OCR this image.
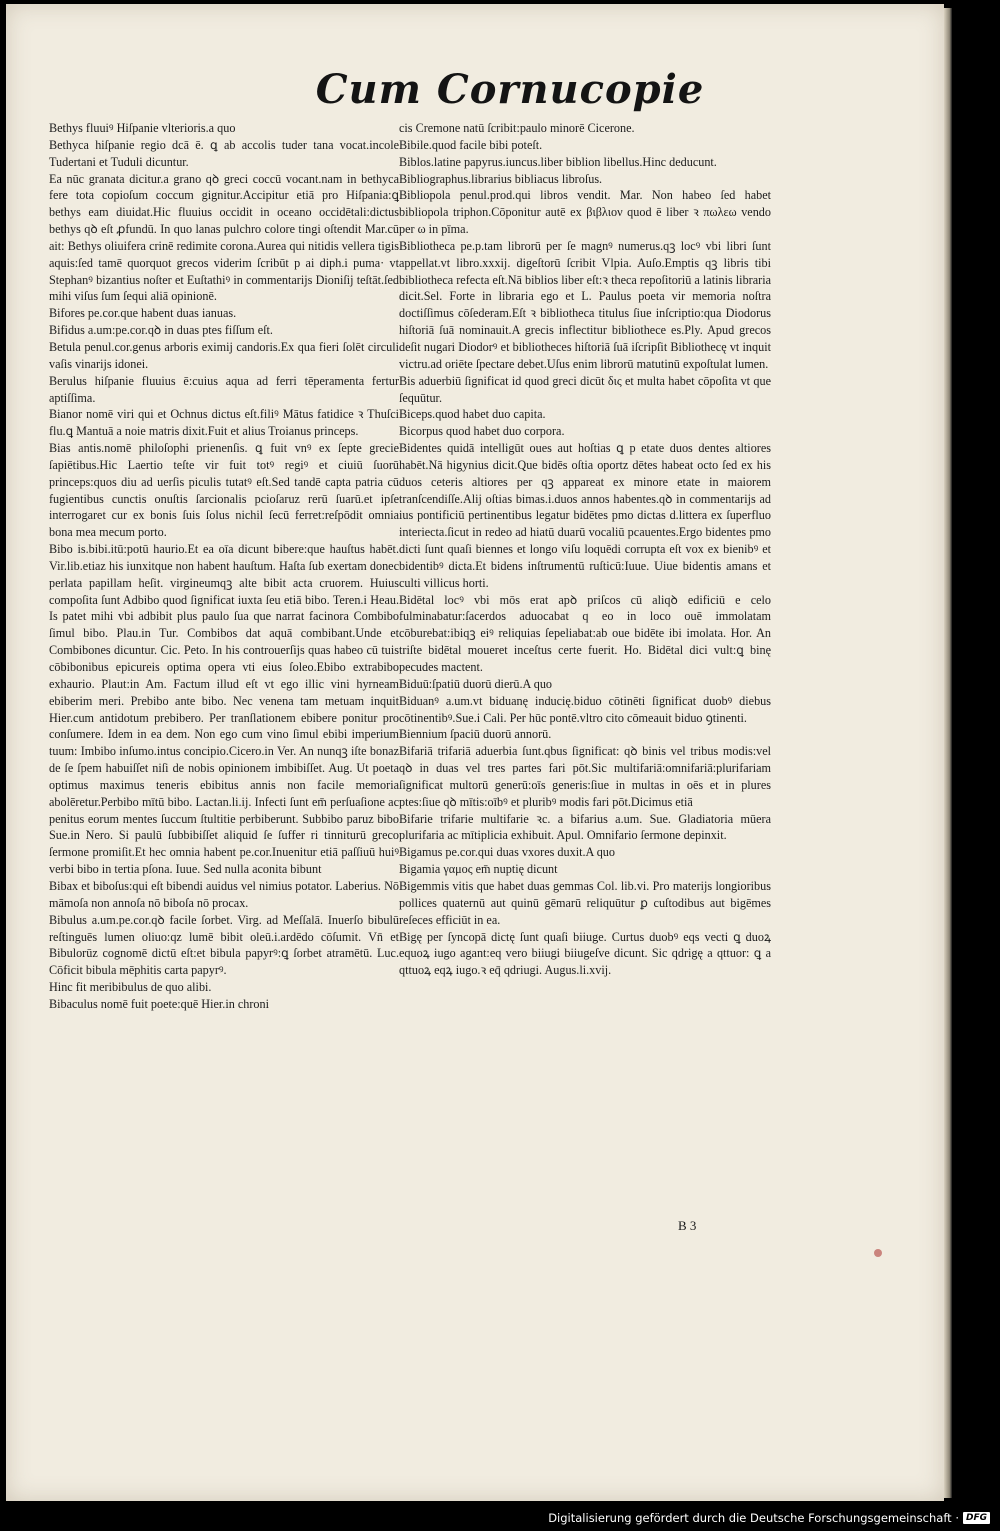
Cum Cornucopie

Bethys fluuiꝰ Hiſpanie vlterioris.a quo

Bethyca hiſpanie regio dcā ē. ꝗ ab accolis tuder tana vocat.incole Tudertani et Tuduli dicuntur.

Ea nūc granata dicitur.a grano qꝺ greci coccū vocant.nam in bethyca fere tota copioſum coccum gignitur.Accipitur etiā pro Hiſpania:ꝗ bethys eam diuidat.Hic fluuius occidit in oceano occidētali:dictus bethys qꝺ eſt ꝓfundū. In quo lanas pulchro colore tingi oſtendit Mar.cū ait: Bethys oliuifera crinē redimite corona.Aurea qui nitidis vellera tigis aquis:ſed tamē quorquot grecos viderim ſcribūt p ai diph.i puma· vt Stephanꝰ bizantius noſter et Euſtathiꝰ in commentarijs Dioniſij teſtāt.ſed mihi viſus ſum ſequi aliā opinionē.

Bifores pe.cor.que habent duas ianuas.

Bifidus a.um:pe.cor.qꝺ in duas ptes fiſſum eſt.

Betula penul.cor.genus arboris eximij candoris.Ex qua fieri ſolēt circuli vaſis vinarijs idonei.

Berulus hiſpanie fluuius ē:cuius aqua ad ferri tēperamenta fertur aptiſſima.

Bianor nomē viri qui et Ochnus dictus eſt.filiꝰ Mātus fatidice ꝛ Thuſci flu.ꝗ Mantuā a noie matris dixit.Fuit et alius Troianus princeps.

Bias antis.nomē philoſophi prienenſis. ꝗ fuit vnꝰ ex ſepte grecie ſapiētibus.Hic Laertio teſte vir fuit totꝰ regiꝰ et ciuiū ſuorū princeps:quos diu ad uerſis piculis tutatꝰ eſt.Sed tandē capta patria cū fugientibus cunctis onuſtis ſarcionalis pcioſaruz rerū ſuarū.et ipſe interrogaret cur ex bonis ſuis ſolus nichil ſecū ferret:reſpōdit omnia bona mea mecum porto.

Bibo is.bibi.itū:potū haurio.Et ea oīa dicunt bibere:que hauſtus habēt. Vir.lib.etiaz his iunxitque non habent hauſtum. Haſta ſub exertam donec perlata papillam heſit. virgineumqꝫ alte bibit acta cruorem. Huius compoſita ſunt Adbibo quod ſignificat iuxta ſeu etiā bibo. Teren.i Heau. Is patet mihi vbi adbibit plus paulo ſua que narrat facinora Combibo ſimul bibo. Plau.in Tur. Combibos dat aquā combibant.Unde et Combibones dicuntur. Cic. Peto. In his controuerſijs quas habeo cū tuis cōbibonibus epicureis optima opera vti eius ſoleo.Ebibo extrabibo exhaurio. Plaut:in Am. Factum illud eſt vt ego illic vini hyrneam ebiberim meri. Prebibo ante bibo. Nec venena tam metuam inquit Hier.cum antidotum prebibero. Per tranſlationem ebibere ponitur pro conſumere. Idem in ea dem. Non ego cum vino ſimul ebibi imperium tuum: Imbibo inſumo.intus concipio.Cicero.in Ver. An nunqꝫ iſte bonaz de ſe ſpem habuiſſet niſi de nobis opinionem imbibiſſet. Aug. Ut poeta optimus maximus teneris ebibitus annis non facile memoria abolēretur.Perbibo mītū bibo. Lactan.li.ij. Infecti ſunt em̄ perſuaſione ac penitus eorum mentes ſuccum ſtultitie perbiberunt. Subbibo paruz bibo Sue.in Nero. Si paulū ſubbibiſſet aliquid ſe ſuffer ri tinniturū greco ſermone promiſit.Et hec omnia habent pe.cor.Inuenitur etiā paſſiuū huiꝰ verbi bibo in tertia pſona. Iuue. Sed nulla aconita bibunt

Bibax et biboſus:qui eſt bibendi auidus vel nimius potator. Laberius. Nō māmoſa non annoſa nō biboſa nō procax.

Bibulus a.um.pe.cor.qꝺ facile ſorbet. Virg. ad Meſſalā. Inuerſo bibulū reſtinguēs lumen oliuo:qz lumē bibit oleū.i.ardēdo cōſumit. Vn̄ et Bibulorūz cognomē dictū eſt:et bibula papyrꝰ:ꝗ ſorbet atramētū. Luc. Cōficit bibula mēphitis carta papyrꝰ.

Hinc fit meribibulus de quo alibi.

Bibaculus nomē fuit poete:quē Hier.in chroni

cis Cremone natū ſcribit:paulo minorē Cicerone.

Bibile.quod facile bibi poteſt.

Biblos.latine papyrus.iuncus.liber biblion libellus.Hinc deducunt.

Bibliographus.librarius bibliacus libroſus.

Bibliopola penul.prod.qui libros vendit. Mar. Non habeo ſed habet bibliopola triphon.Cōponitur autē ex βιβλιον quod ē liber ꝛ πωλεω vendo per ω in pīma.

Bibliotheca pe.p.tam librorū per ſe magnꝰ numerus.qꝫ locꝰ vbi libri ſunt appellat.vt libro.xxxij. digeſtorū ſcribit Vlpia. Auſo.Emptis qꝫ libris tibi bibliotheca refecta eſt.Nā biblios liber eſt:ꝛ theca repoſitoriū a latinis libraria dicit.Sel. Forte in libraria ego et L. Paulus poeta vir memoria noſtra doctiſſimus cōſederam.Eſt ꝛ bibliotheca titulus ſiue inſcriptio:qua Diodorus hiſtoriā ſuā nominauit.A grecis inflectitur bibliothece es.Ply. Apud grecos deſit nugari Diodorꝰ et bibliotheces hiſtoriā ſuā iſcripſit Bibliothecę vt inquit victru.ad oriēte ſpectare debet.Uſus enim librorū matutinū expoſtulat lumen.

Bis aduerbiū ſignificat id quod greci dicūt δις et multa habet cōpoſita vt que ſequūtur.

Biceps.quod habet duo capita.

Bicorpus quod habet duo corpora.

Bidentes quidā intelligūt oues aut hoſtias ꝗ p etate duos dentes altiores habēt.Nā higynius dicit.Que bidēs oſtia oportz dētes habeat octo ſed ex his duos ceteris altiores per qꝫ appareat ex minore etate in maiorem tranſcendiſſe.Alij oſtias bimas.i.duos annos habentes.qꝺ in commentarijs ad ius pontificiū pertinentibus legatur bidētes pmo dictas d.littera ex ſuperfluo interiecta.ſicut in redeo ad hiatū duarū vocaliū pcauentes.Ergo bidentes pmo dicti ſunt quaſi biennes et longo viſu loquēdi corrupta eſt vox ex bienibꝰ et bidentibꝰ dicta.Et bidens inſtrumentū ruſticū:Iuue. Uiue bidentis amans et culti villicus horti.

Bidētal locꝰ vbi mōs erat apꝺ priſcos cū aliqꝺ edificiū e celo fulminabatur:ſacerdos aduocabat q eo in loco ouē immolatam cōburebat:ibiqꝫ eiꝰ reliquias ſepeliabat:ab oue bidēte ibi imolata. Hor. An triſte bidētal moueret inceſtus certe fuerit. Ho. Bidētal dici vult:ꝗ binę pecudes mactent.

Biduū:ſpatiū duorū dierū.A quo

Biduanꝰ a.um.vt biduanę inducię.biduo cōtinēti ſignificat duobꝰ diebus cōtinentibꝰ.Sue.i Cali. Per hūc pontē.vltro cito cōmeauit biduo ꝯtinenti.

Biennium ſpaciū duorū annorū.

Bifariā trifariā aduerbia ſunt.qbus ſignificat: qꝺ binis vel tribus modis:vel qꝺ in duas vel tres partes fari pōt.Sic multifariā:omnifariā:plurifariam ſignificat multorū generū:oīs generis:ſiue in multas in oēs et in plures ptes:ſiue qꝺ mītis:oībꝰ et pluribꝰ modis fari pōt.Dicimus etiā

Bifarie trifarie multifarie ꝛc. a bifarius a.um. Sue. Gladiatoria mūera plurifaria ac mītiplicia exhibuit. Apul. Omnifario ſermone depinxit.

Bigamus pe.cor.qui duas vxores duxit.A quo

Bigamia γαμος em̄ nuptię dicunt

Bigemmis vitis que habet duas gemmas Col. lib.vi. Pro materijs longioribus pollices quaternū aut quinū gēmarū reliquūtur ꝑ cuſtodibus aut bigēmes reſeces efficiūt in ea.

Bigę per ſyncopā dictę ſunt quaſi biiuge. Curtus duobꝰ eqs vecti ꝗ duoꝝ equoꝝ iugo agant:eq vero biiugi biiugeſve dicunt. Sic qdrigę a qttuor: ꝗ a qttuoꝝ eqꝝ iugo.ꝛ eq̄ qdriugi. Augus.li.xvij.

B 3
Digitalisierung gefördert durch die Deutsche Forschungsgemeinschaft · DFG
